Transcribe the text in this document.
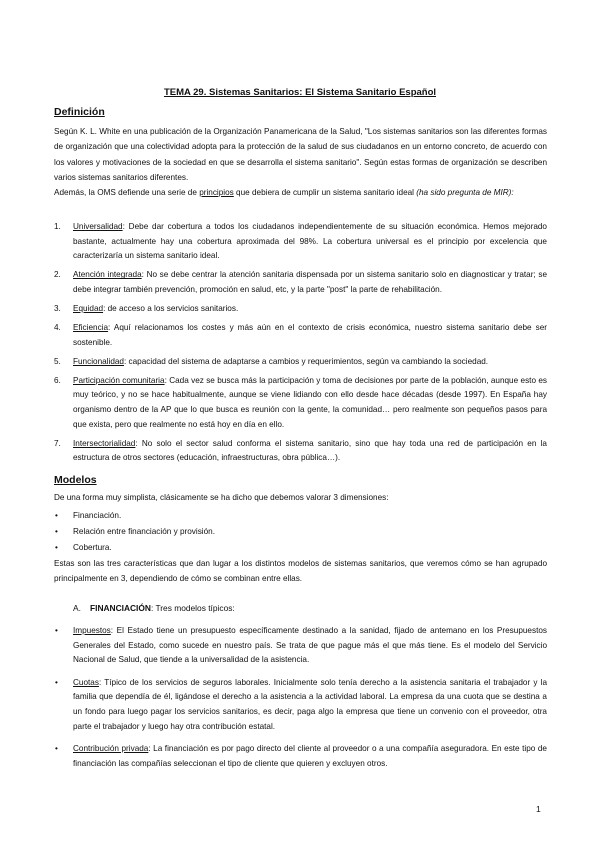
TEMA 29. Sistemas Sanitarios: El Sistema Sanitario Español
Definición
Según K. L. White en una publicación de la Organización Panamericana de la Salud, "Los sistemas sanitarios son las diferentes formas de organización que una colectividad adopta para la protección de la salud de sus ciudadanos en un entorno concreto, de acuerdo con los valores y motivaciones de la sociedad en que se desarrolla el sistema sanitario". Según estas formas de organización se describen varios sistemas sanitarios diferentes.
Además, la OMS defiende una serie de principios que debiera de cumplir un sistema sanitario ideal (ha sido pregunta de MIR):
1. Universalidad: Debe dar cobertura a todos los ciudadanos independientemente de su situación económica. Hemos mejorado bastante, actualmente hay una cobertura aproximada del 98%. La cobertura universal es el principio por excelencia que caracterizaría un sistema sanitario ideal.
2. Atención integrada: No se debe centrar la atención sanitaria dispensada por un sistema sanitario solo en diagnosticar y tratar; se debe integrar también prevención, promoción en salud, etc, y la parte "post" la parte de rehabilitación.
3. Equidad: de acceso a los servicios sanitarios.
4. Eficiencia: Aquí relacionamos los costes y más aún en el contexto de crisis económica, nuestro sistema sanitario debe ser sostenible.
5. Funcionalidad: capacidad del sistema de adaptarse a cambios y requerimientos, según va cambiando la sociedad.
6. Participación comunitaria: Cada vez se busca más la participación y toma de decisiones por parte de la población, aunque esto es muy teórico, y no se hace habitualmente, aunque se viene lidiando con ello desde hace décadas (desde 1997). En España hay organismo dentro de la AP que lo que busca es reunión con la gente, la comunidad… pero realmente son pequeños pasos para que exista, pero que realmente no está hoy en día en ello.
7. Intersectorialidad: No solo el sector salud conforma el sistema sanitario, sino que hay toda una red de participación en la estructura de otros sectores (educación, infraestructuras, obra pública…).
Modelos
De una forma muy simplista, clásicamente se ha dicho que debemos valorar 3 dimensiones:
• Financiación.
• Relación entre financiación y provisión.
• Cobertura.
Estas son las tres características que dan lugar a los distintos modelos de sistemas sanitarios, que veremos cómo se han agrupado principalmente en 3, dependiendo de cómo se combinan entre ellas.
A. FINANCIACIÓN: Tres modelos típicos:
• Impuestos: El Estado tiene un presupuesto específicamente destinado a la sanidad, fijado de antemano en los Presupuestos Generales del Estado, como sucede en nuestro país. Se trata de que pague más el que más tiene. Es el modelo del Servicio Nacional de Salud, que tiende a la universalidad de la asistencia.
• Cuotas: Típico de los servicios de seguros laborales. Inicialmente solo tenía derecho a la asistencia sanitaria el trabajador y la familia que dependía de él, ligándose el derecho a la asistencia a la actividad laboral. La empresa da una cuota que se destina a un fondo para luego pagar los servicios sanitarios, es decir, paga algo la empresa que tiene un convenio con el proveedor, otra parte el trabajador y luego hay otra contribución estatal.
• Contribución privada: La financiación es por pago directo del cliente al proveedor o a una compañía aseguradora. En este tipo de financiación las compañías seleccionan el tipo de cliente que quieren y excluyen otros.
1
